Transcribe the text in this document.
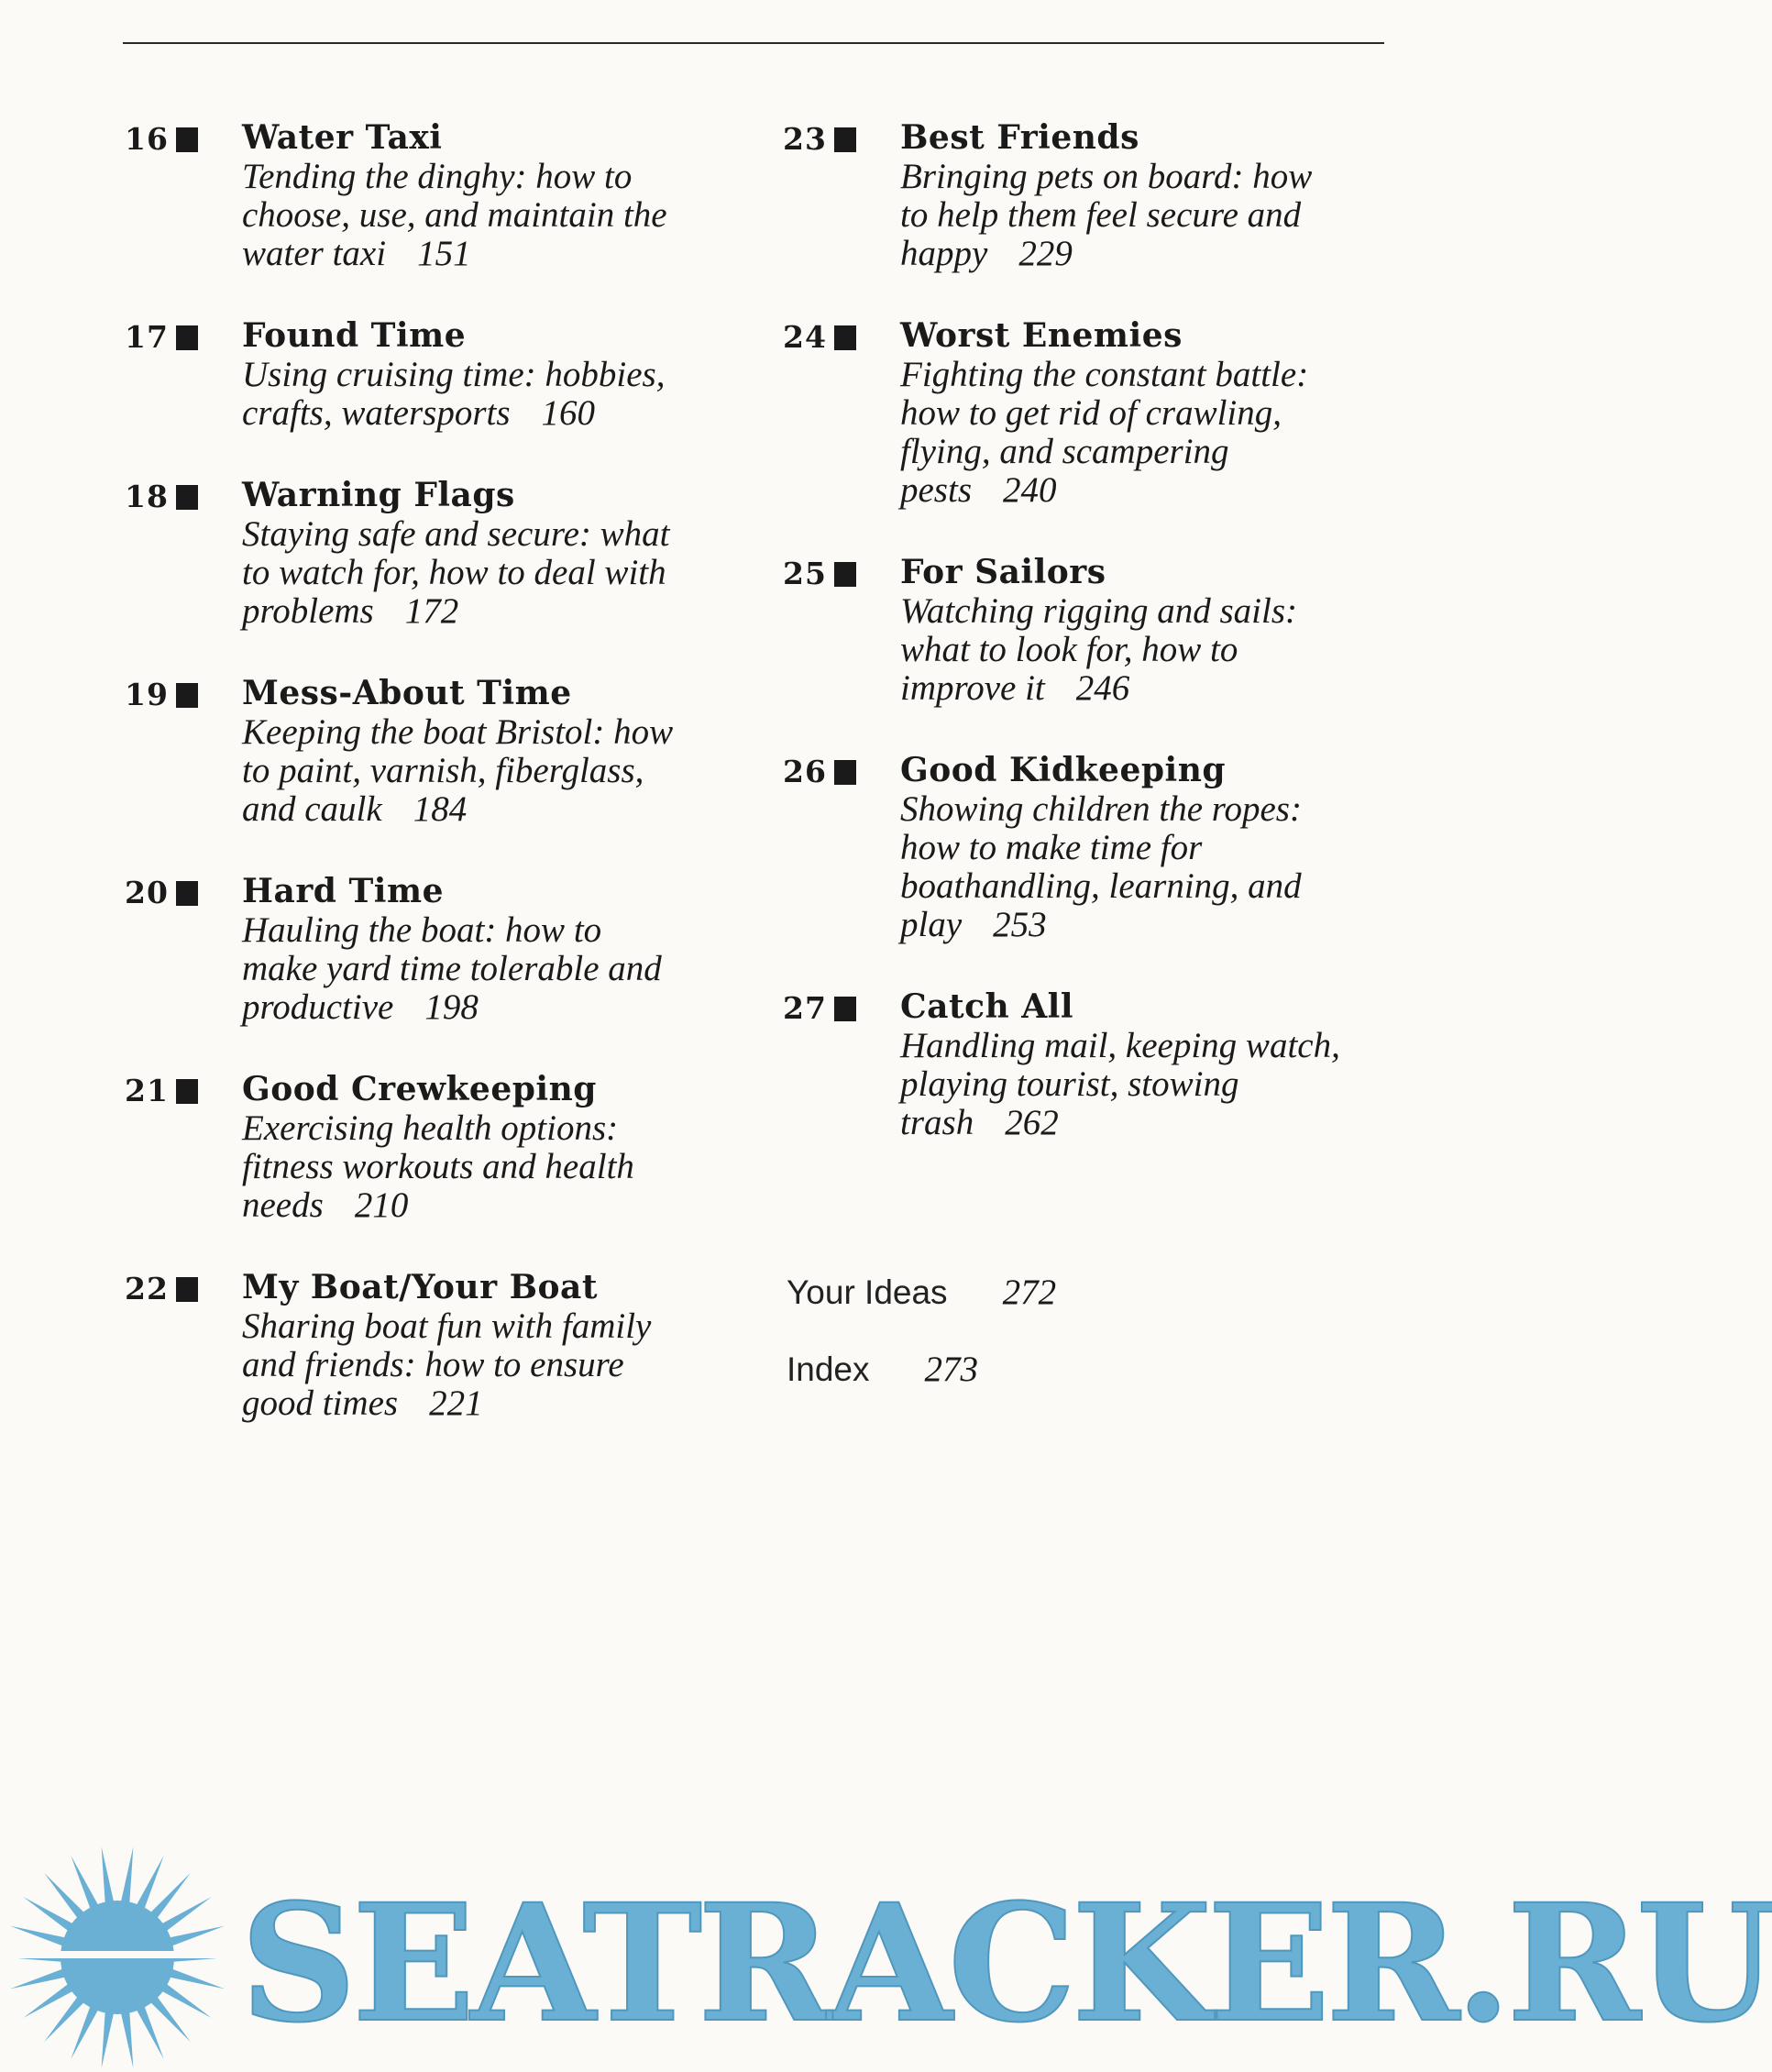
16	Water Taxi
Tending the dinghy: how to
choose, use, and maintain the
water taxi 151
17	Found Time
Using cruising time: hobbies,
crafts, watersports 160
18	Warning Flags
Staying safe and secure: what
to watch for, how to deal with
problems 172
19	Mess-About Time
Keeping the boat Bristol: how
to paint, varnish, fiberglass,
and caulk 184
20	Hard Time
Hauling the boat: how to
make yard time tolerable and
productive 198
21	Good Crewkeeping
Exercising health options:
fitness workouts and health
needs 210
22	My Boat/Your Boat
Sharing boat fun with family
and friends: how to ensure
good times 221
23	Best Friends
Bringing pets on board: how
to help them feel secure and
happy 229
24	Worst Enemies
Fighting the constant battle:
how to get rid of crawling,
flying, and scampering
pests 240
25	For Sailors
Watching rigging and sails:
what to look for, how to
improve it 246
26	Good Kidkeeping
Showing children the ropes:
how to make time for
boathandling, learning, and
play 253
27	Catch All
Handling mail, keeping watch,
playing tourist, stowing
trash 262
Your Ideas 272
Index 273
SEATRACKER.RU
